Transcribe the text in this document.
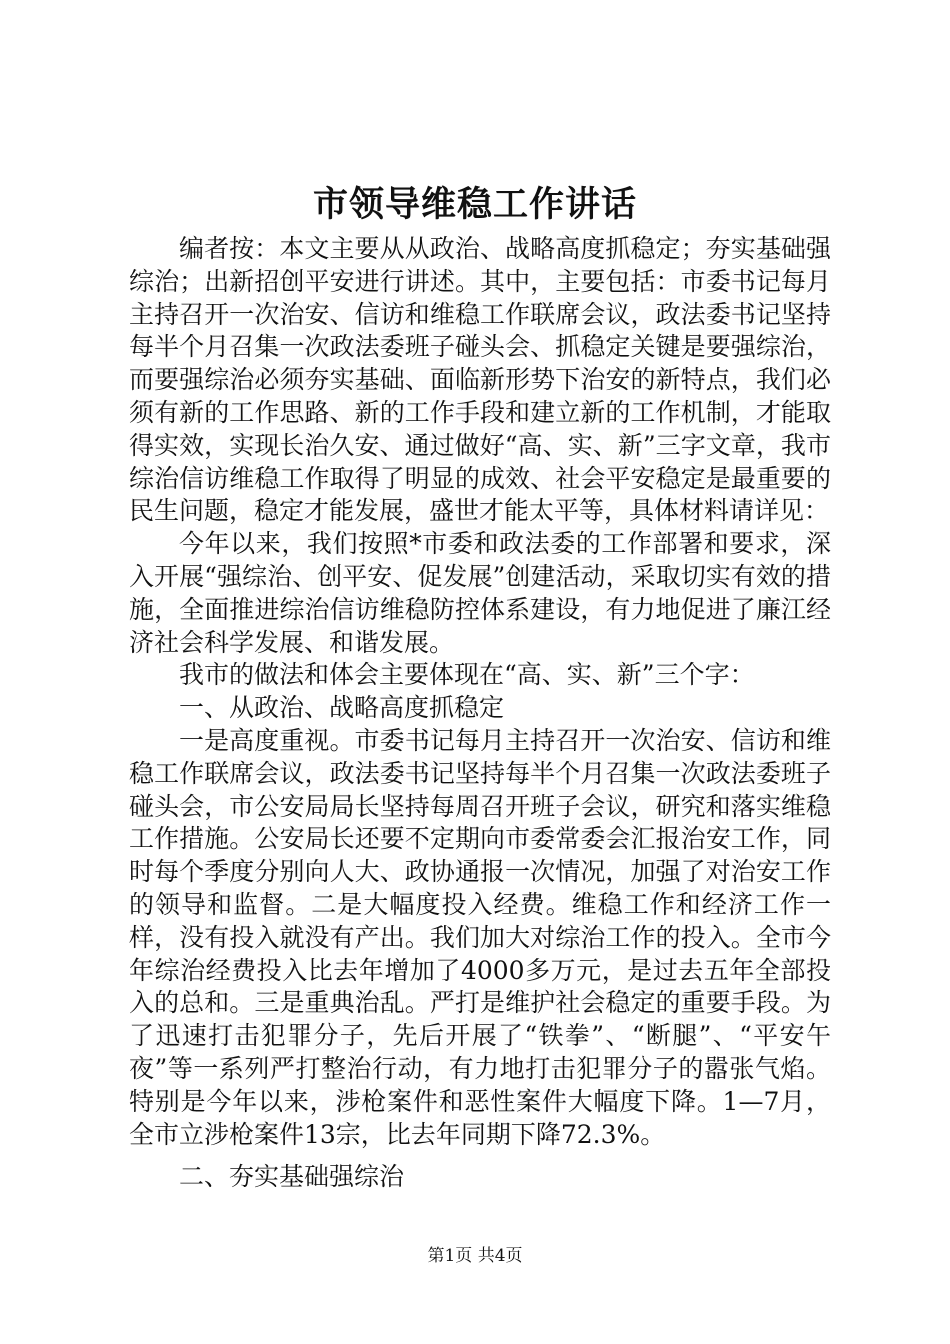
市领导维稳工作讲话

编者按：本文主要从从政治、战略高度抓稳定；夯实基础强综治；出新招创平安进行讲述。其中，主要包括：市委书记每月主持召开一次治安、信访和维稳工作联席会议，政法委书记坚持每半个月召集一次政法委班子碰头会、抓稳定关键是要强综治，而要强综治必须夯实基础、面临新形势下治安的新特点，我们必须有新的工作思路、新的工作手段和建立新的工作机制，才能取得实效，实现长治久安、通过做好“高、实、新”三字文章，我市综治信访维稳工作取得了明显的成效、社会平安稳定是最重要的民生问题，稳定才能发展，盛世才能太平等，具体材料请详见：

今年以来，我们按照*市委和政法委的工作部署和要求，深入开展“强综治、创平安、促发展”创建活动，采取切实有效的措施，全面推进综治信访维稳防控体系建设，有力地促进了廉江经济社会科学发展、和谐发展。

我市的做法和体会主要体现在“高、实、新”三个字：

一、从政治、战略高度抓稳定

一是高度重视。市委书记每月主持召开一次治安、信访和维稳工作联席会议，政法委书记坚持每半个月召集一次政法委班子碰头会，市公安局局长坚持每周召开班子会议，研究和落实维稳工作措施。公安局长还要不定期向市委常委会汇报治安工作，同时每个季度分别向人大、政协通报一次情况，加强了对治安工作的领导和监督。二是大幅度投入经费。维稳工作和经济工作一样，没有投入就没有产出。我们加大对综治工作的投入。全市今年综治经费投入比去年增加了4000多万元，是过去五年全部投入的总和。三是重典治乱。严打是维护社会稳定的重要手段。为了迅速打击犯罪分子，先后开展了“铁拳”、“断腿”、“平安午夜”等一系列严打整治行动，有力地打击犯罪分子的嚣张气焰。特别是今年以来，涉枪案件和恶性案件大幅度下降。1—7月，全市立涉枪案件13宗，比去年同期下降72.3%。

二、夯实基础强综治

第1页 共4页
